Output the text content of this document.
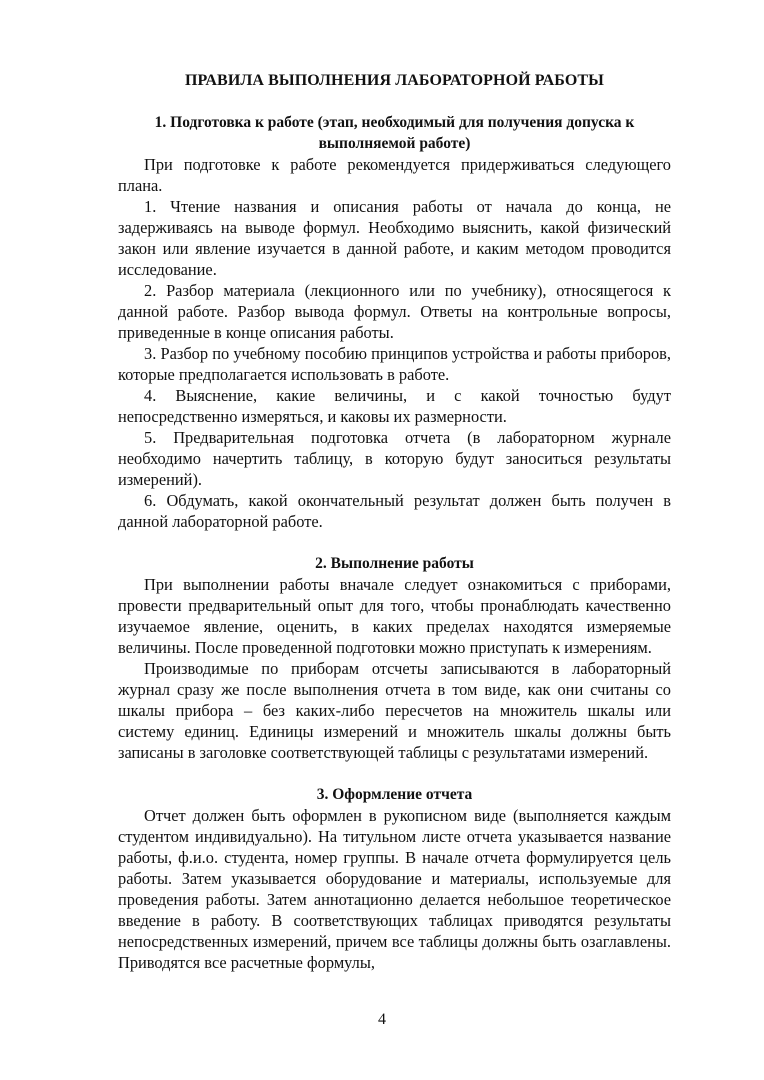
ПРАВИЛА ВЫПОЛНЕНИЯ ЛАБОРАТОРНОЙ РАБОТЫ
1. Подготовка к работе (этап, необходимый для получения допуска к выполняемой работе)

При подготовке к работе рекомендуется придерживаться следующего плана.

1. Чтение названия и описания работы от начала до конца, не задерживаясь на выводе формул. Необходимо выяснить, какой физический закон или явление изучается в данной работе, и каким методом проводится исследование.

2. Разбор материала (лекционного или по учебнику), относящегося к данной работе. Разбор вывода формул. Ответы на контрольные вопросы, приведенные в конце описания работы.

3. Разбор по учебному пособию принципов устройства и работы приборов, которые предполагается использовать в работе.

4. Выяснение, какие величины, и с какой точностью будут непосредственно измеряться, и каковы их размерности.

5. Предварительная подготовка отчета (в лабораторном журнале необходимо начертить таблицу, в которую будут заноситься результаты измерений).

6. Обдумать, какой окончательный результат должен быть получен в данной лабораторной работе.

2. Выполнение работы

При выполнении работы вначале следует ознакомиться с приборами, провести предварительный опыт для того, чтобы пронаблюдать качественно изучаемое явление, оценить, в каких пределах находятся измеряемые величины. После проведенной подготовки можно приступать к измерениям.

Производимые по приборам отсчеты записываются в лабораторный журнал сразу же после выполнения отчета в том виде, как они считаны со шкалы прибора – без каких-либо пересчетов на множитель шкалы или систему единиц. Единицы измерений и множитель шкалы должны быть записаны в заголовке соответствующей таблицы с результатами измерений.

3. Оформление отчета

Отчет должен быть оформлен в рукописном виде (выполняется каждым студентом индивидуально). На титульном листе отчета указывается название работы, ф.и.о. студента, номер группы. В начале отчета формулируется цель работы. Затем указывается оборудование и материалы, используемые для проведения работы. Затем аннотационно делается небольшое теоретическое введение в работу. В соответствующих таблицах приводятся результаты непосредственных измерений, причем все таблицы должны быть озаглавлены. Приводятся все расчетные формулы,

4
